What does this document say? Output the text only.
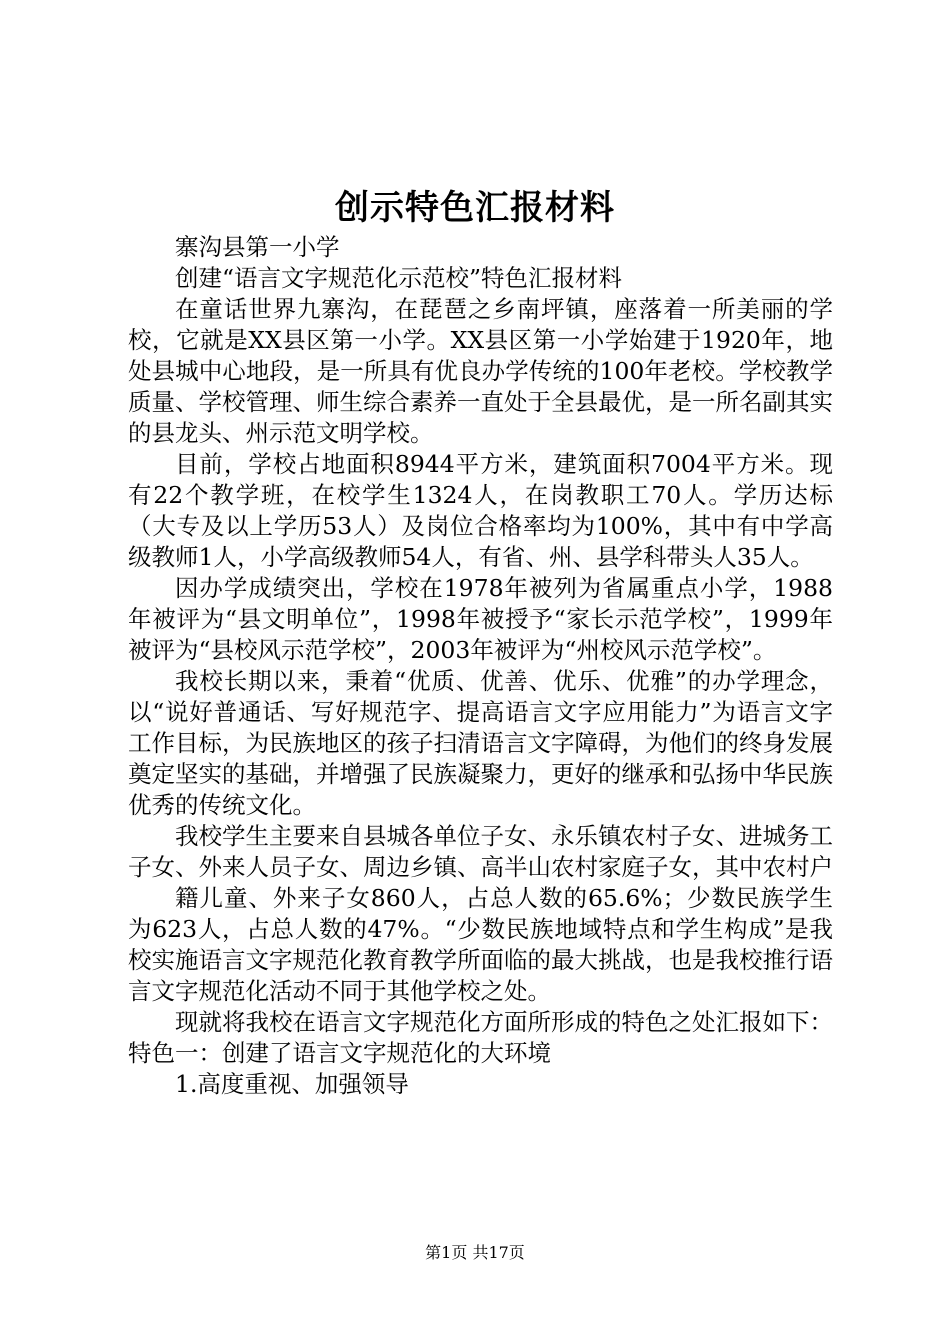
创示特色汇报材料

寨沟县第一小学

创建“语言文字规范化示范校”特色汇报材料

在童话世界九寨沟，在琵琶之乡南坪镇，座落着一所美丽的学校，它就是XX县区第一小学。XX县区第一小学始建于1920年，地处县城中心地段，是一所具有优良办学传统的100年老校。学校教学质量、学校管理、师生综合素养一直处于全县最优，是一所名副其实的县龙头、州示范文明学校。

目前，学校占地面积8944平方米，建筑面积7004平方米。现有22个教学班，在校学生1324人，在岗教职工70人。学历达标（大专及以上学历53人）及岗位合格率均为100%，其中有中学高级教师1人，小学高级教师54人，有省、州、县学科带头人35人。

因办学成绩突出，学校在1978年被列为省属重点小学，1988年被评为“县文明单位”，1998年被授予“家长示范学校”，1999年被评为“县校风示范学校”，2003年被评为“州校风示范学校”。

我校长期以来，秉着“优质、优善、优乐、优雅”的办学理念，以“说好普通话、写好规范字、提高语言文字应用能力”为语言文字工作目标，为民族地区的孩子扫清语言文字障碍，为他们的终身发展奠定坚实的基础，并增强了民族凝聚力，更好的继承和弘扬中华民族优秀的传统文化。

我校学生主要来自县城各单位子女、永乐镇农村子女、进城务工子女、外来人员子女、周边乡镇、高半山农村家庭子女，其中农村户

籍儿童、外来子女860人，占总人数的65.6%；少数民族学生为623人，占总人数的47%。“少数民族地域特点和学生构成”是我校实施语言文字规范化教育教学所面临的最大挑战，也是我校推行语言文字规范化活动不同于其他学校之处。

现就将我校在语言文字规范化方面所形成的特色之处汇报如下：特色一：创建了语言文字规范化的大环境

1.高度重视、加强领导

第1页 共17页
